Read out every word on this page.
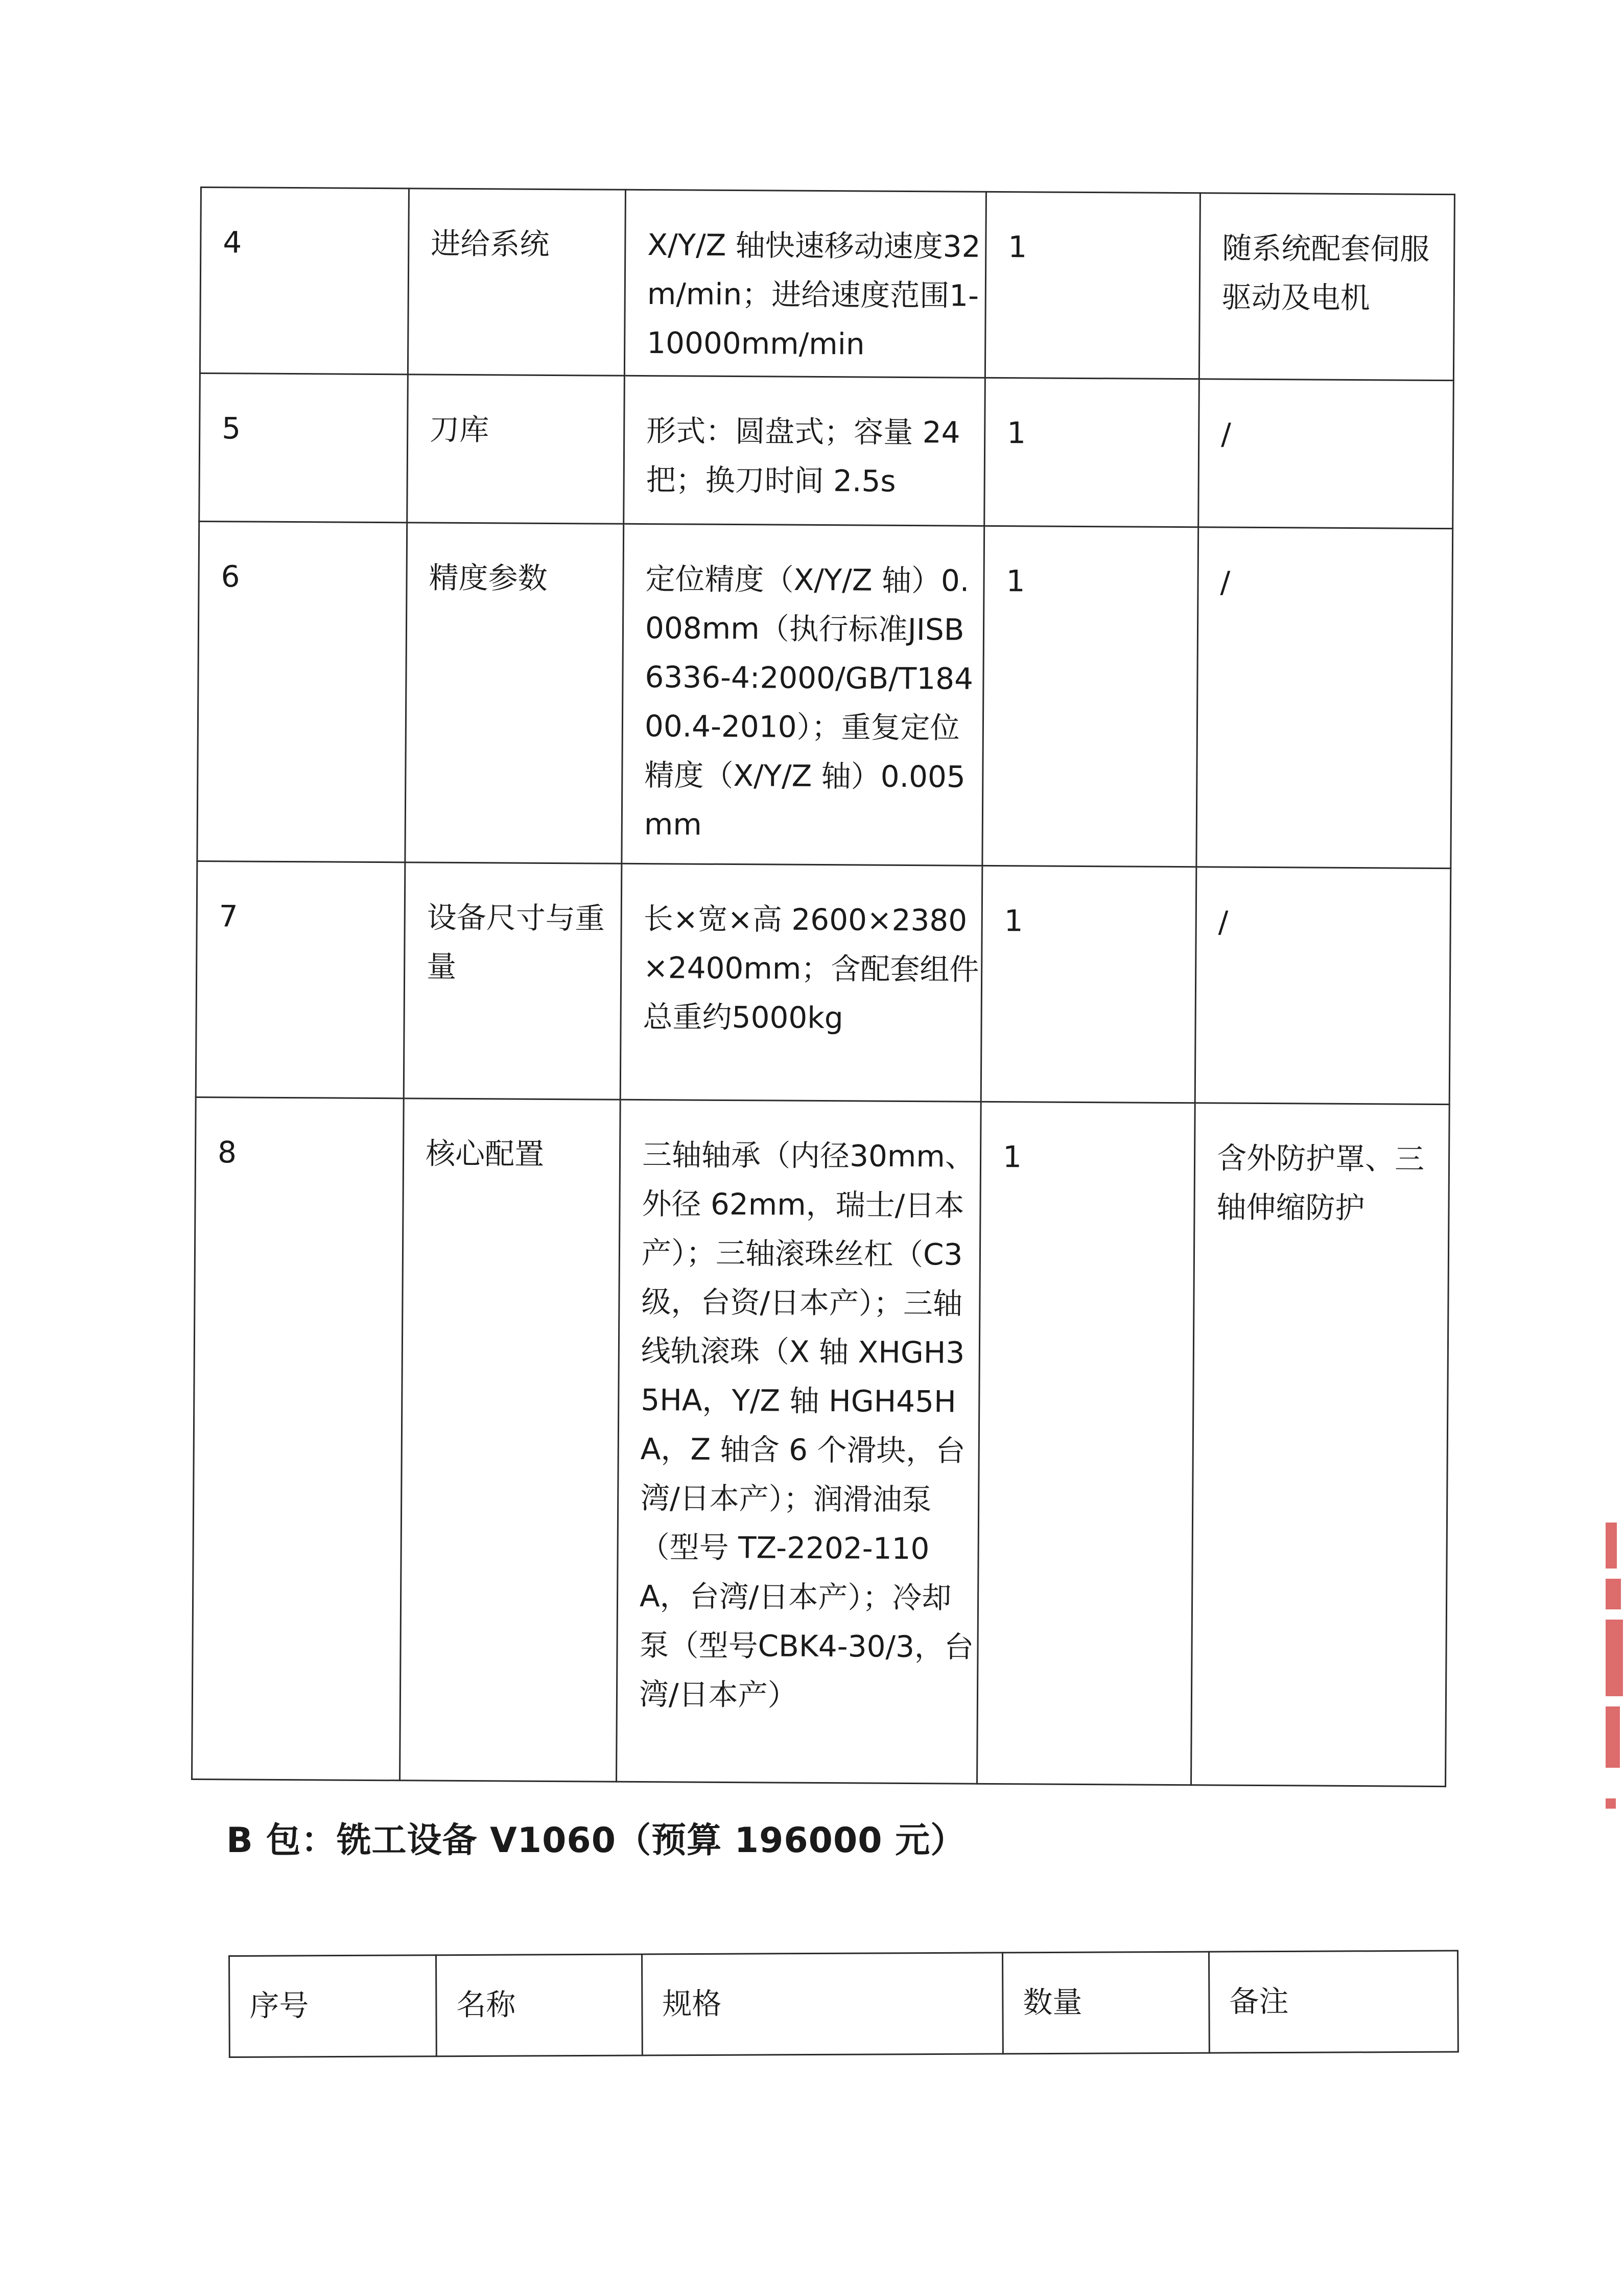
4	进给系统	X/Y/Z 轴快速移动速度32m/min；进给速度范围1-10000mm/min	1	随系统配套伺服驱动及电机
5	刀库	形式：圆盘式；容量 24 把；换刀时间 2.5s	1	/
6	精度参数	定位精度（X/Y/Z 轴）0.008mm（执行标准JISB6336-4:2000/GB/T18400.4-2010）；重复定位精度（X/Y/Z 轴）0.005mm	1	/
7	设备尺寸与重量	长×宽×高 2600×2380×2400mm；含配套组件总重约5000kg	1	/
8	核心配置	三轴轴承（内径30mm、外径 62mm，瑞士/日本产）；三轴滚珠丝杠（C3 级，台资/日本产）；三轴线轨滚珠（X 轴 XHGH35HA，Y/Z 轴 HGH45HA，Z 轴含 6 个滑块，台湾/日本产）；润滑油泵（型号 TZ-2202-110A，台湾/日本产）；冷却泵（型号CBK4-30/3，台湾/日本产）	1	含外防护罩、三轴伸缩防护
B 包：铣工设备 V1060（预算 196000 元）
序号	名称	规格	数量	备注
